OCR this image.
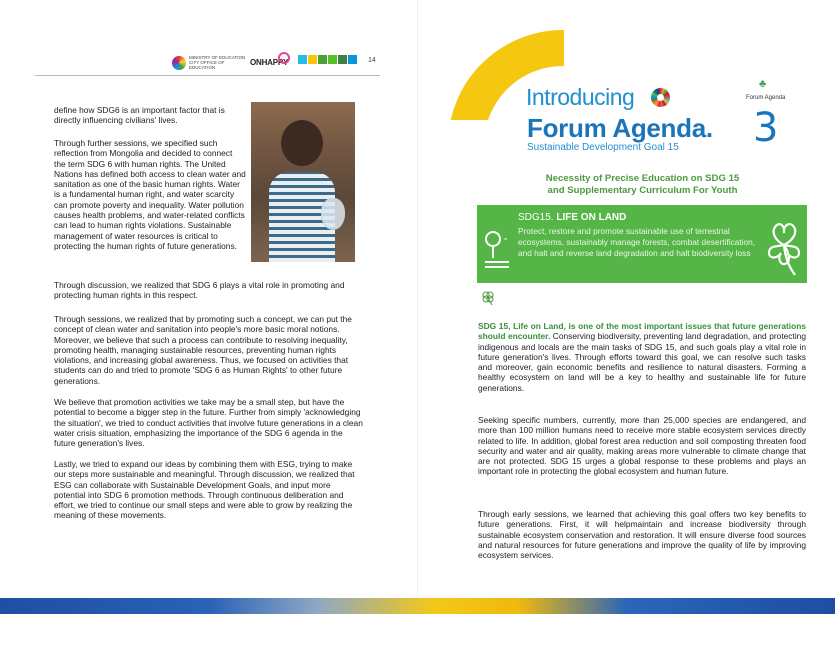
MINISTRY OF EDUCATION CITY OFFICE OF EDUCATION
ONHAPPY	14

define how SDG6 is an important factor that is directly influencing civilians' lives.

Through further sessions, we specified such reflection from Mongolia and decided to connect the term SDG 6 with human rights. The United Nations has defined both access to clean water and sanitation as one of the basic human rights. Water is a fundamental human right, and water scarcity can promote poverty and inequality. Water pollution causes health problems, and water-related conflicts can lead to human rights violations. Sustainable management of water resources is critical to protecting the human rights of future generations.

Through discussion, we realized that SDG 6 plays a vital role in promoting and protecting human rights in this respect.

Through sessions, we realized that by promoting such a concept, we can put the concept of clean water and sanitation into people's more basic moral notions. Moreover, we believe that such a process can contribute to resolving inequality, promoting health, managing sustainable resources, preventing human rights violations, and increasing global awareness. Thus, we focused on activities that students can do and tried to promote 'SDG 6 as Human Rights' to other future generations.

We believe that promotion activities we take may be a small step, but have the potential to become a bigger step in the future. Further from simply 'acknowledging the situation', we tried to conduct activities that involve future generations in a clean water crisis situation, emphasizing the importance of the SDG 6 agenda in the future generation's lives.

Lastly, we tried to expand our ideas by combining them with ESG, trying to make our steps more sustainable and meaningful. Through discussion, we realized that ESG can collaborate with Sustainable Development Goals, and input more potential into SDG 6 promotion methods. Through continuous deliberation and effort, we tried to continue our small steps and were able to grow by realizing the meaning of these movements.

Introducing
Forum Agenda.
Sustainable Development Goal 15
♣
Forum Agenda
3
Necessity of Precise Education on SDG 15
and Supplementary Curriculum For Youth
≈
SDG15. LIFE ON LAND
Protect, restore and promote sustainable use of terrestrial ecosystems, sustainably manage forests, combat desertification, and halt and reverse land degradation and halt biodiversity loss

SDG 15, Life on Land, is one of the most important issues that future generations should encounter. Conserving biodiversity, preventing land degradation, and protecting indigenous and locals are the main tasks of SDG 15, and such goals play a vital role in future generation's lives. Through efforts toward this goal, we can resolve such tasks and moreover, gain economic benefits and resilience to natural disasters. Forming a healthy ecosystem on land will be a key to healthy and sustainable life for future generations.

Seeking specific numbers, currently, more than 25,000 species are endangered, and more than 100 million humans need to receive more stable ecosystem services directly related to life. In addition, global forest area reduction and soil composting threaten food security and water and air quality, making areas more vulnerable to climate change that are not protected. SDG 15 urges a global response to these problems and plays an important role in protecting the global ecosystem and human future.

Through early sessions, we learned that achieving this goal offers two key benefits to future generations. First, it will helpmaintain and increase biodiversity through sustainable ecosystem conservation and restoration. It will ensure diverse food sources and natural resources for future generations and improve the quality of life by improving ecosystem services.
